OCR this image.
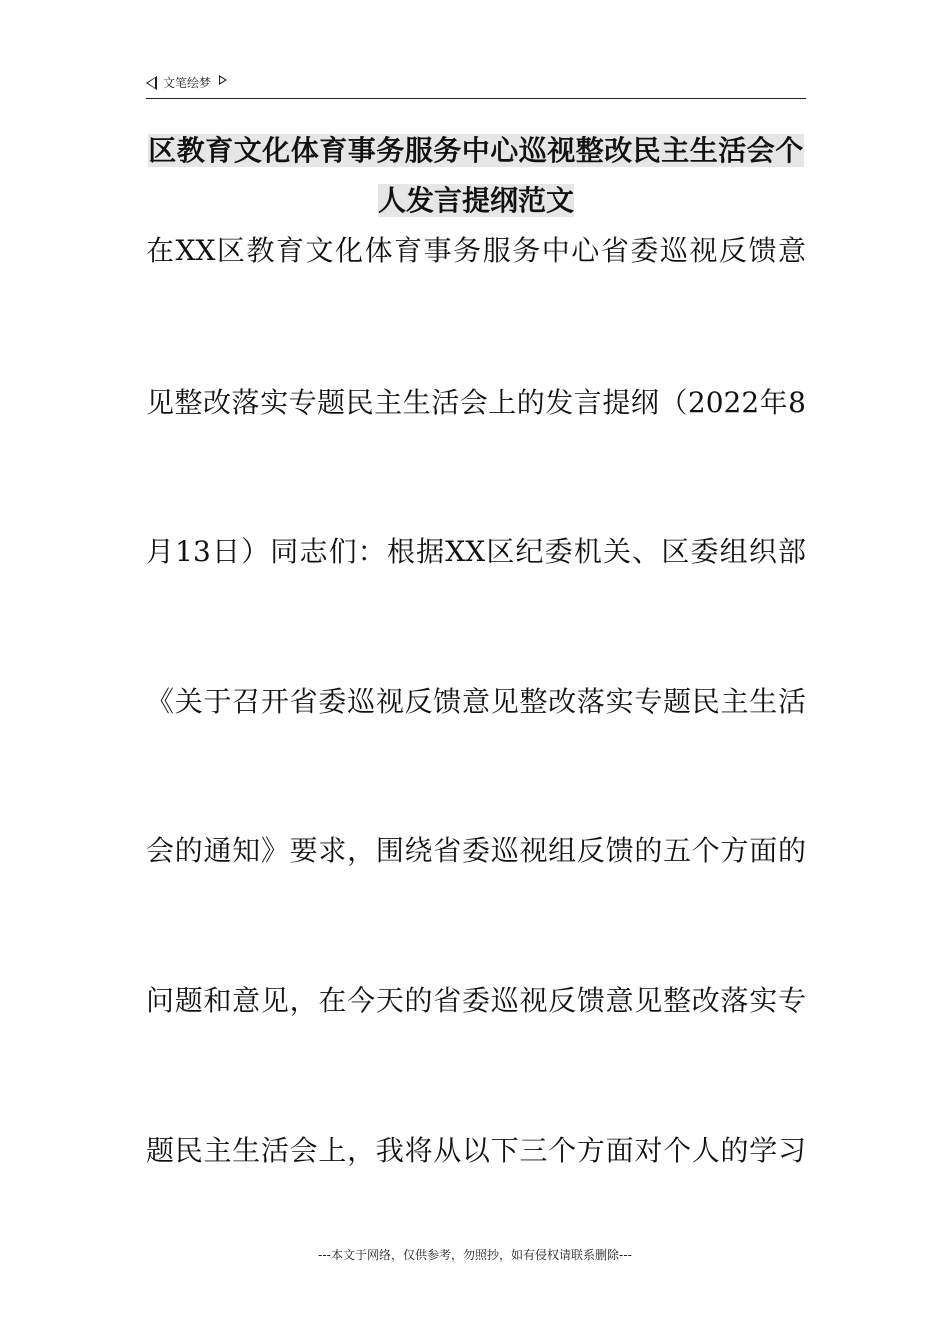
文笔绘梦
区教育文化体育事务服务中心巡视整改民主生活会个
人发言提纲范文
在XX区教育文化体育事务服务中心省委巡视反馈意
见整改落实专题民主生活会上的发言提纲（2022年8
月13日）同志们：根据XX区纪委机关、区委组织部
《关于召开省委巡视反馈意见整改落实专题民主生活
会的通知》要求，围绕省委巡视组反馈的五个方面的
问题和意见，在今天的省委巡视反馈意见整改落实专
题民主生活会上，我将从以下三个方面对个人的学习
---本文于网络，仅供参考，勿照抄，如有侵权请联系删除---
